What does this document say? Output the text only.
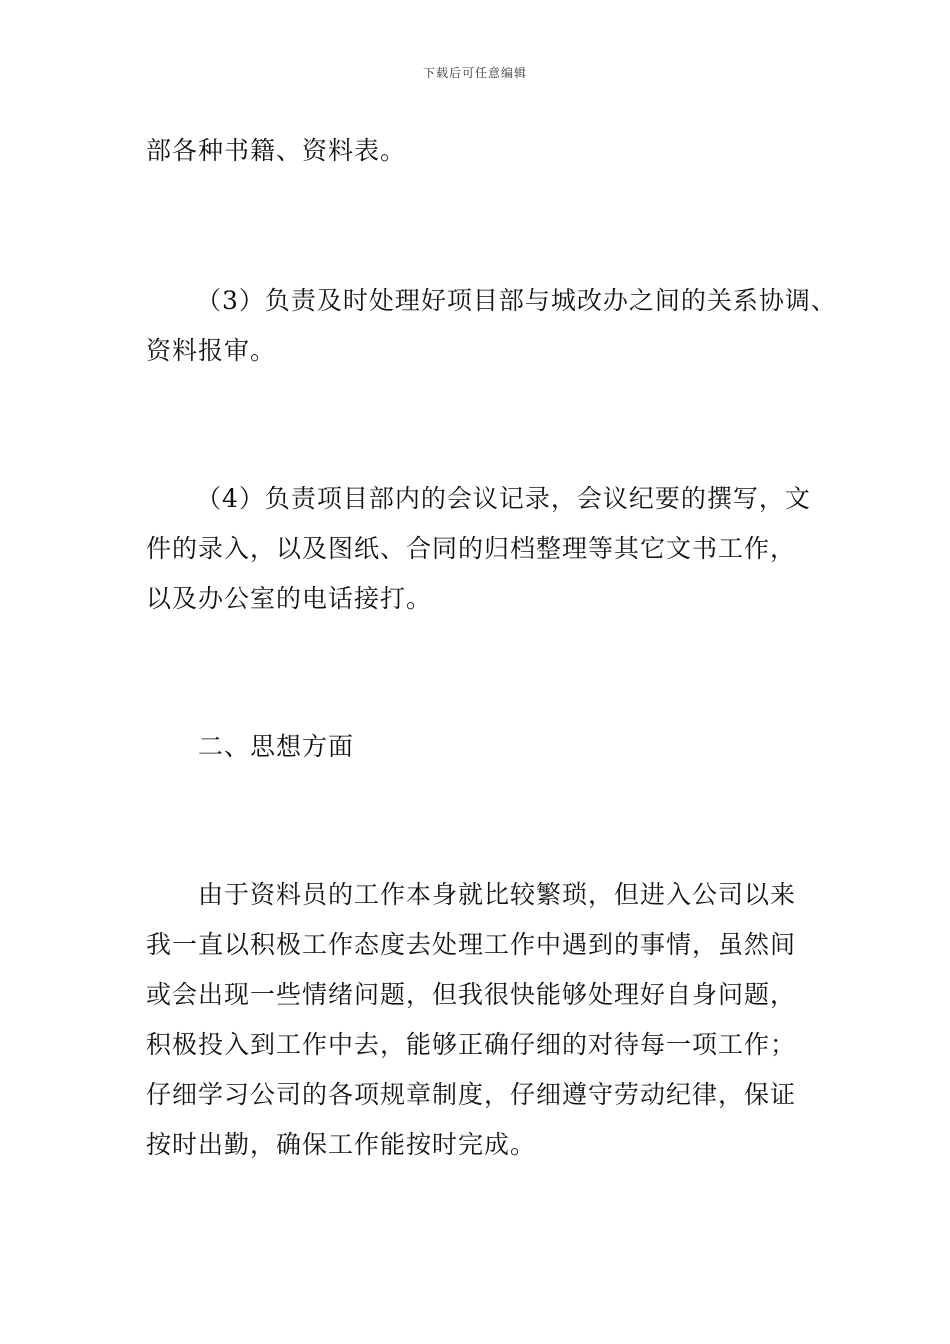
下载后可任意编辑
部各种书籍、资料表。
（3）负责及时处理好项目部与城改办之间的关系协调、
资料报审。
（4）负责项目部内的会议记录，会议纪要的撰写，文
件的录入，以及图纸、合同的归档整理等其它文书工作，
以及办公室的电话接打。
二、思想方面
由于资料员的工作本身就比较繁琐，但进入公司以来
我一直以积极工作态度去处理工作中遇到的事情，虽然间
或会出现一些情绪问题，但我很快能够处理好自身问题，
积极投入到工作中去，能够正确仔细的对待每一项工作；
仔细学习公司的各项规章制度，仔细遵守劳动纪律，保证
按时出勤，确保工作能按时完成。
